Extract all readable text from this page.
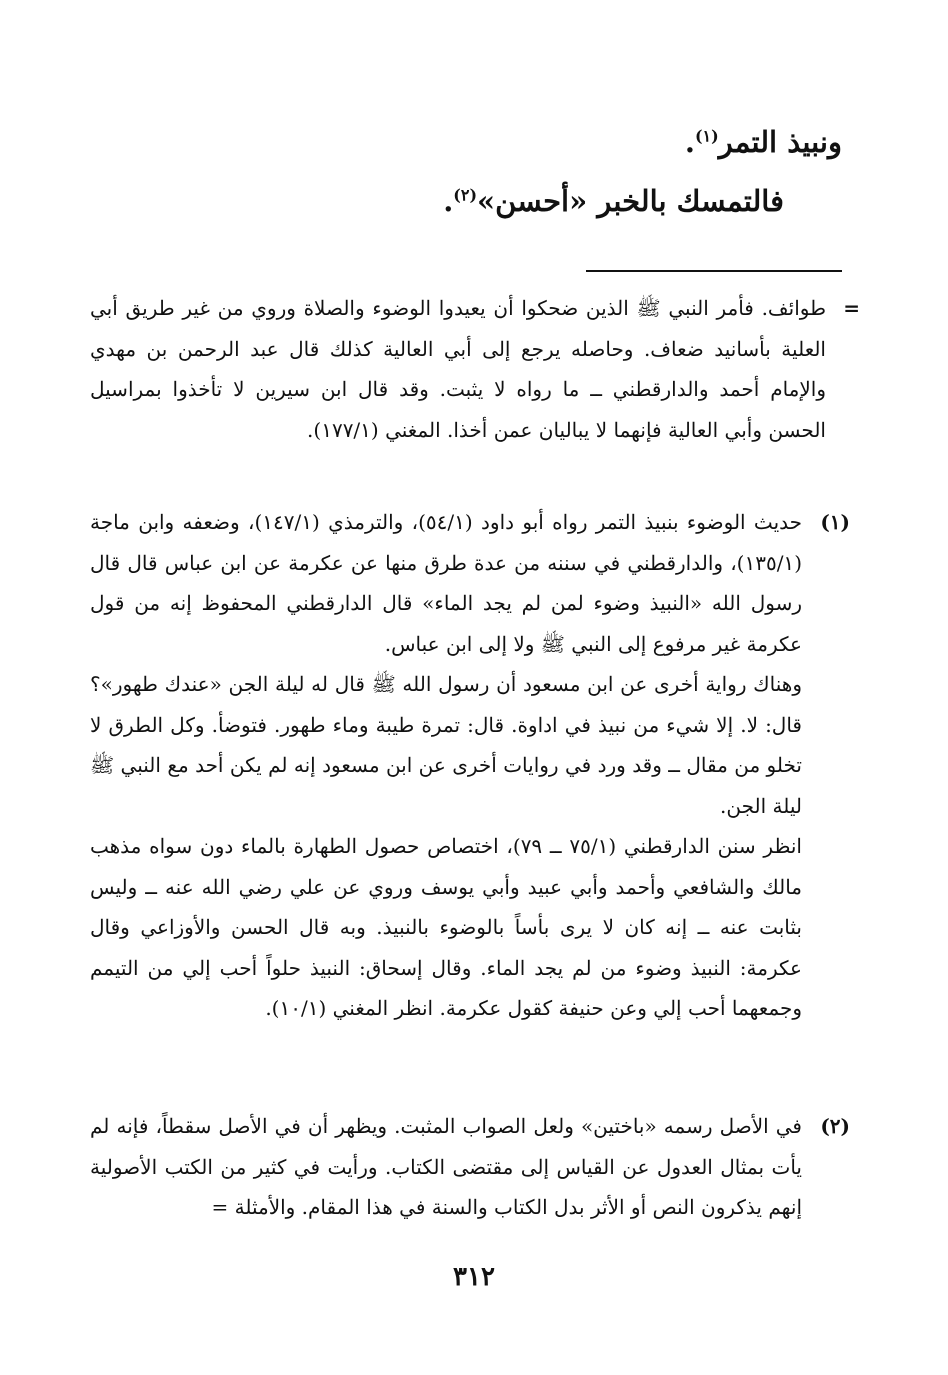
ونبيذ التمر$^{(١)}$.
فالتمسك بالخبر «أحسن»$^{(٢)}$.
=

طوائف. فأمر النبي ﷺ الذين ضحكوا أن يعيدوا الوضوء والصلاة وروي من غير طريق أبي العلية بأسانيد ضعاف. وحاصله يرجع إلى أبي العالية كذلك قال عبد الرحمن بن مهدي والإمام أحمد والدارقطني ــ ما رواه لا يثبت. وقد قال ابن سيرين لا تأخذوا بمراسيل الحسن وأبي العالية فإنهما لا يباليان عمن أخذا. المغني (١٧٧/١).

(١)

حديث الوضوء بنبيذ التمر رواه أبو داود (٥٤/١)، والترمذي (١٤٧/١)، وضعفه وابن ماجة (١٣٥/١)، والدارقطني في سننه من عدة طرق منها عن عكرمة عن ابن عباس قال قال رسول الله «النبيذ وضوء لمن لم يجد الماء» قال الدارقطني المحفوظ إنه من قول عكرمة غير مرفوع إلى النبي ﷺ ولا إلى ابن عباس.

وهناك رواية أخرى عن ابن مسعود أن رسول الله ﷺ قال له ليلة الجن «عندك طهور»؟ قال: لا. إلا شيء من نبيذ في اداوة. قال: تمرة طيبة وماء طهور. فتوضأ. وكل الطرق لا تخلو من مقال ــ وقد ورد في روايات أخرى عن ابن مسعود إنه لم يكن أحد مع النبي ﷺ ليلة الجن.

انظر سنن الدارقطني (٧٥/١ ــ ٧٩)، اختصاص حصول الطهارة بالماء دون سواه مذهب مالك والشافعي وأحمد وأبي عبيد وأبي يوسف وروي عن علي رضي الله عنه ــ وليس بثابت عنه ــ إنه كان لا يرى بأساً بالوضوء بالنبيذ. وبه قال الحسن والأوزاعي وقال عكرمة: النبيذ وضوء من لم يجد الماء. وقال إسحاق: النبيذ حلواً أحب إلي من التيمم وجمعهما أحب إلي وعن حنيفة كقول عكرمة. انظر المغني (١٠/١).

(٢)

في الأصل رسمه «باختين» ولعل الصواب المثبت. ويظهر أن في الأصل سقطاً، فإنه لم يأت بمثال العدول عن القياس إلى مقتضى الكتاب. ورأيت في كثير من الكتب الأصولية إنهم يذكرون النص أو الأثر بدل الكتاب والسنة في هذا المقام. والأمثلة =

٣١٢
